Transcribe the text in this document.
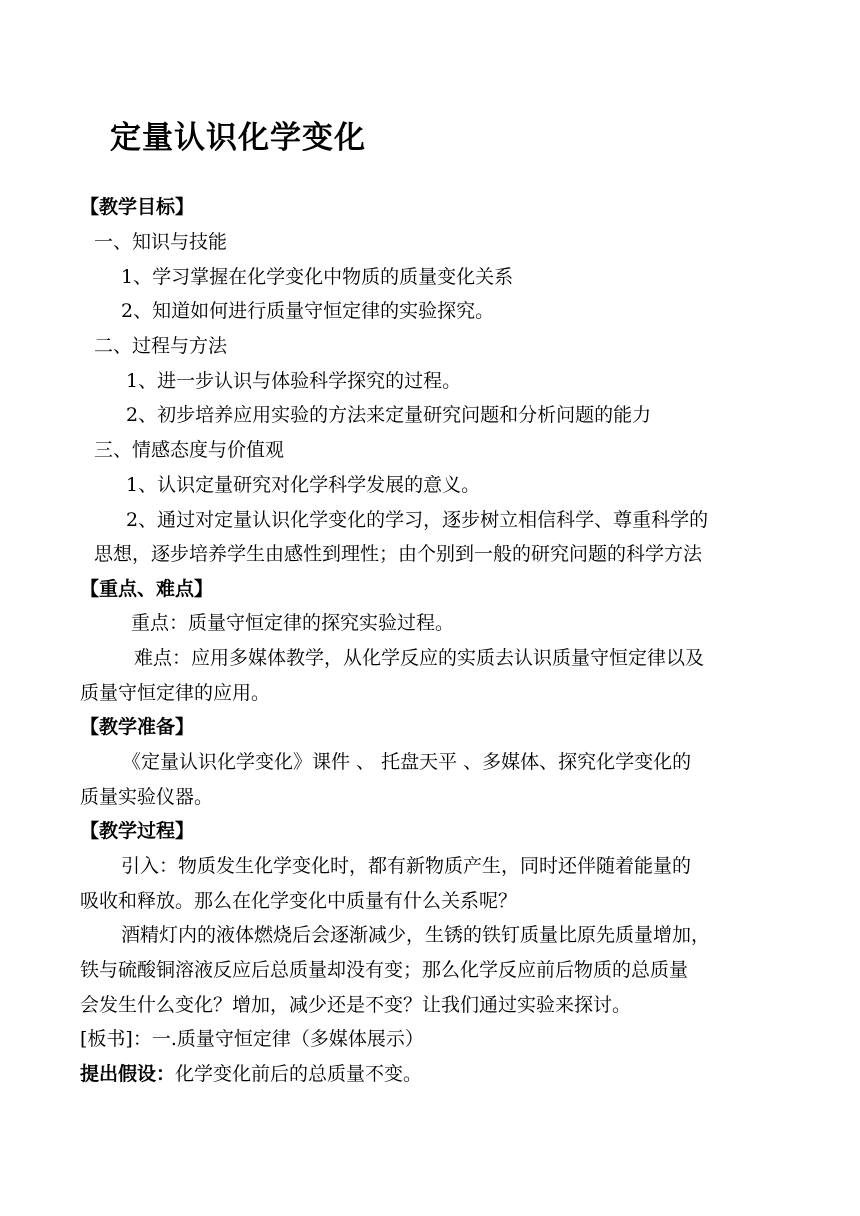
定量认识化学变化
【教学目标】
一、知识与技能
1、学习掌握在化学变化中物质的质量变化关系
2、知道如何进行质量守恒定律的实验探究。
二、过程与方法
1、进一步认识与体验科学探究的过程。
2、初步培养应用实验的方法来定量研究问题和分析问题的能力
三、情感态度与价值观
1、认识定量研究对化学科学发展的意义。
2、通过对定量认识化学变化的学习，逐步树立相信科学、尊重科学的
思想，逐步培养学生由感性到理性；由个别到一般的研究问题的科学方法
【重点、难点】
重点：质量守恒定律的探究实验过程。
难点：应用多媒体教学，从化学反应的实质去认识质量守恒定律以及
质量守恒定律的应用。
【教学准备】
《定量认识化学变化》课件 、 托盘天平 、多媒体、探究化学变化的
质量实验仪器。
【教学过程】
引入：物质发生化学变化时，都有新物质产生，同时还伴随着能量的
吸收和释放。那么在化学变化中质量有什么关系呢？
酒精灯内的液体燃烧后会逐渐减少，生锈的铁钉质量比原先质量增加，
铁与硫酸铜溶液反应后总质量却没有变；那么化学反应前后物质的总质量
会发生什么变化？增加，减少还是不变？让我们通过实验来探讨。
[板书]：一.质量守恒定律（多媒体展示）
提出假设：化学变化前后的总质量不变。
